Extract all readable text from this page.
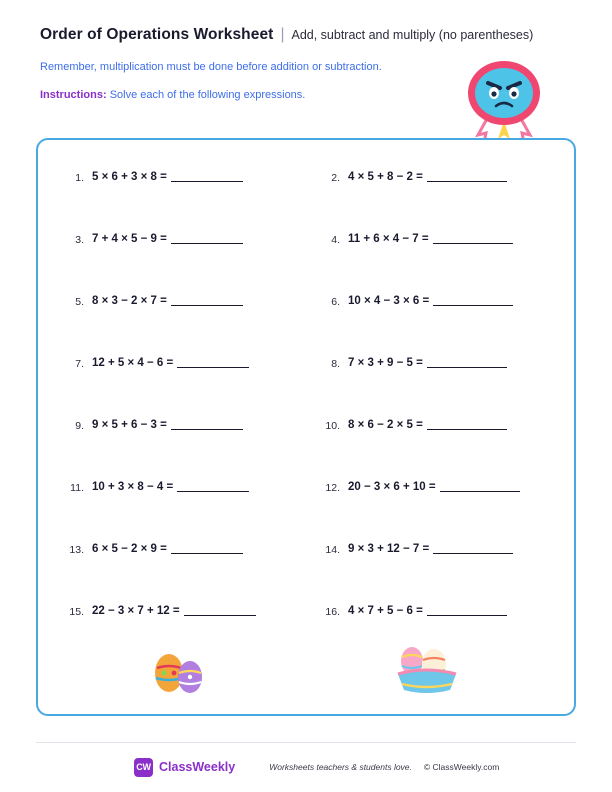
Order of Operations Worksheet | Add, subtract and multiply (no parentheses)
Remember, multiplication must be done before addition or subtraction.
Instructions: Solve each of the following expressions.
1. 5 × 6 + 3 × 8 =	2. 4 × 5 + 8 − 2 =
3. 7 + 4 × 5 − 9 =	4. 11 + 6 × 4 − 7 =
5. 8 × 3 − 2 × 7 =	6. 10 × 4 − 3 × 6 =
7. 12 + 5 × 4 − 6 =	8. 7 × 3 + 9 − 5 =
9. 9 × 5 + 6 − 3 =	10. 8 × 6 − 2 × 5 =
11. 10 + 3 × 8 − 4 =	12. 20 − 3 × 6 + 10 =
13. 6 × 5 − 2 × 9 =	14. 9 × 3 + 12 − 7 =
15. 22 − 3 × 7 + 12 =	16. 4 × 7 + 5 − 6 =
CW ClassWeekly	Worksheets teachers & students love. © ClassWeekly.com
